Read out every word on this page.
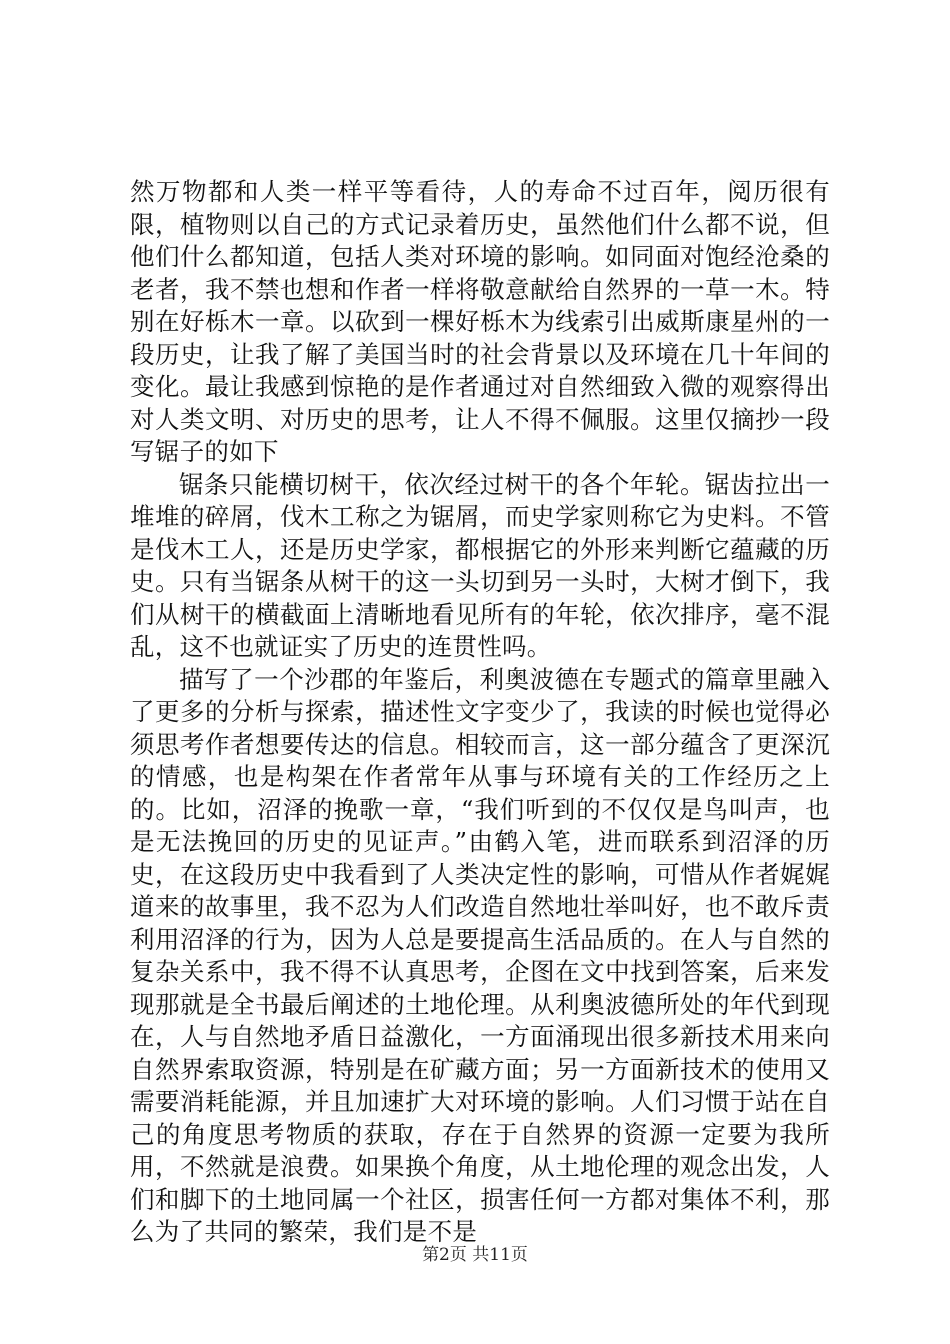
然万物都和人类一样平等看待，人的寿命不过百年，阅历很有限，植物则以自己的方式记录着历史，虽然他们什么都不说，但他们什么都知道，包括人类对环境的影响。如同面对饱经沧桑的老者，我不禁也想和作者一样将敬意献给自然界的一草一木。特别在好栎木一章。以砍到一棵好栎木为线索引出威斯康星州的一段历史，让我了解了美国当时的社会背景以及环境在几十年间的变化。最让我感到惊艳的是作者通过对自然细致入微的观察得出对人类文明、对历史的思考，让人不得不佩服。这里仅摘抄一段写锯子的如下

锯条只能横切树干，依次经过树干的各个年轮。锯齿拉出一堆堆的碎屑，伐木工称之为锯屑，而史学家则称它为史料。不管是伐木工人，还是历史学家，都根据它的外形来判断它蕴藏的历史。只有当锯条从树干的这一头切到另一头时，大树才倒下，我们从树干的横截面上清晰地看见所有的年轮，依次排序，毫不混乱，这不也就证实了历史的连贯性吗。

描写了一个沙郡的年鉴后，利奥波德在专题式的篇章里融入了更多的分析与探索，描述性文字变少了，我读的时候也觉得必须思考作者想要传达的信息。相较而言，这一部分蕴含了更深沉的情感，也是构架在作者常年从事与环境有关的工作经历之上的。比如，沼泽的挽歌一章，“我们听到的不仅仅是鸟叫声，也是无法挽回的历史的见证声。”由鹤入笔，进而联系到沼泽的历史，在这段历史中我看到了人类决定性的影响，可惜从作者娓娓道来的故事里，我不忍为人们改造自然地壮举叫好，也不敢斥责利用沼泽的行为，因为人总是要提高生活品质的。在人与自然的复杂关系中，我不得不认真思考，企图在文中找到答案，后来发现那就是全书最后阐述的土地伦理。从利奥波德所处的年代到现在，人与自然地矛盾日益激化，一方面涌现出很多新技术用来向自然界索取资源，特别是在矿藏方面；另一方面新技术的使用又需要消耗能源，并且加速扩大对环境的影响。人们习惯于站在自己的角度思考物质的获取，存在于自然界的资源一定要为我所用，不然就是浪费。如果换个角度，从土地伦理的观念出发，人们和脚下的土地同属一个社区，损害任何一方都对集体不利，那么为了共同的繁荣，我们是不是

第2页 共11页
